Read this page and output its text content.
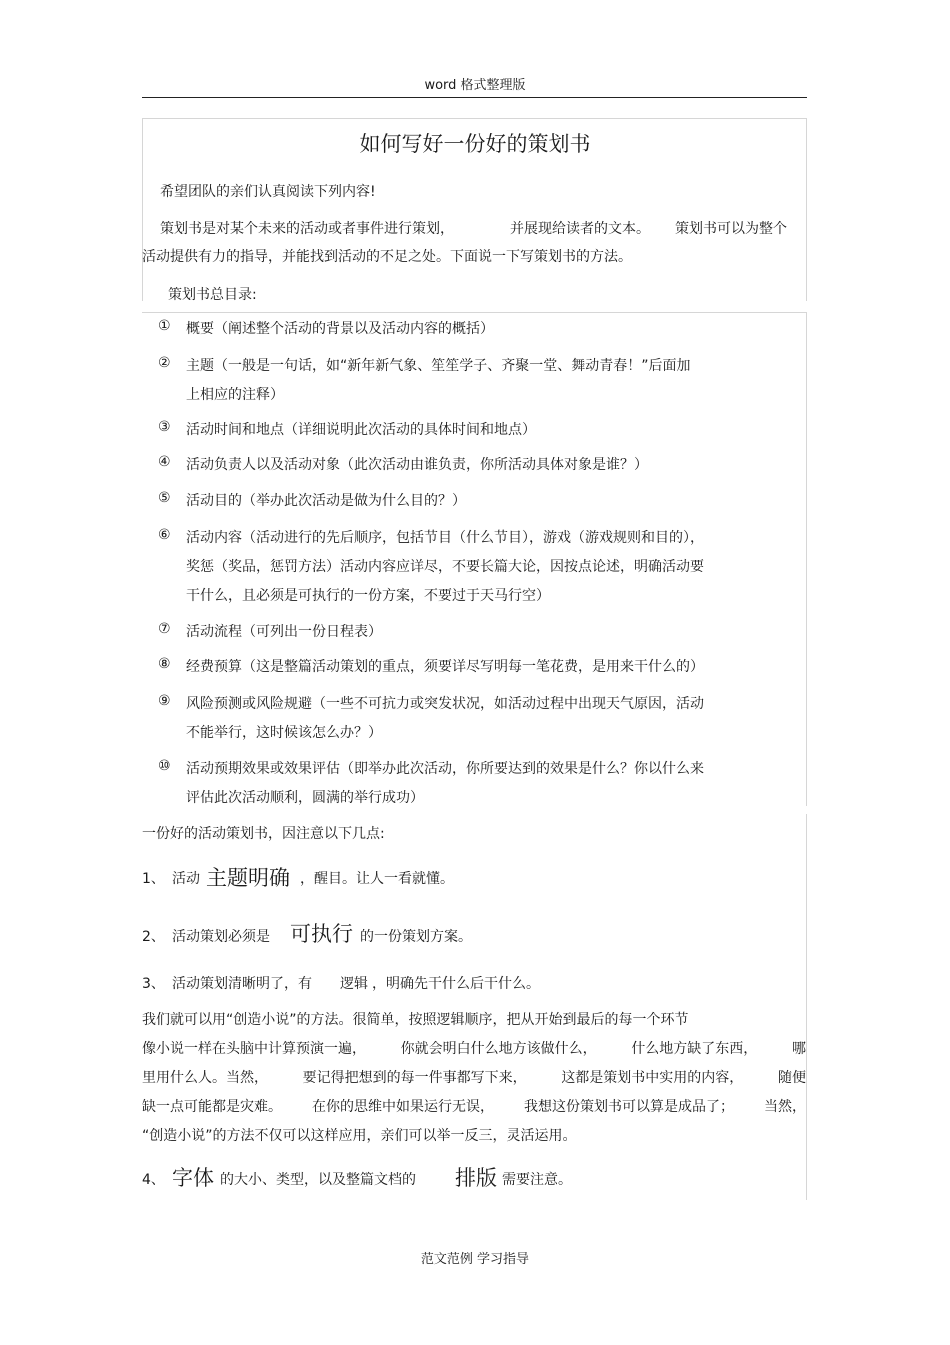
word 格式整理版
如何写好一份好的策划书
希望团队的亲们认真阅读下列内容!
策划书是对某个未来的活动或者事件进行策划，	并展现给读者的文本。 策划书可以为整个
活动提供有力的指导，并能找到活动的不足之处。下面说一下写策划书的方法。
策划书总目录:
① 概要（阐述整个活动的背景以及活动内容的概括）
② 主题（一般是一句话，如“新年新气象、笙笙学子、齐聚一堂、舞动青春！”后面加
上相应的注释）
③ 活动时间和地点（详细说明此次活动的具体时间和地点）
④ 活动负责人以及活动对象（此次活动由谁负责，你所活动具体对象是谁？）
⑤ 活动目的（举办此次活动是做为什么目的？）
⑥ 活动内容（活动进行的先后顺序，包括节目（什么节目），游戏（游戏规则和目的），
奖惩（奖品，惩罚方法）活动内容应详尽，不要长篇大论，因按点论述，明确活动要
干什么，且必须是可执行的一份方案，不要过于天马行空）
⑦ 活动流程（可列出一份日程表）
⑧ 经费预算（这是整篇活动策划的重点，须要详尽写明每一笔花费，是用来干什么的）
⑨ 风险预测或风险规避（一些不可抗力或突发状况，如活动过程中出现天气原因，活动
不能举行，这时候该怎么办？）
⑩ 活动预期效果或效果评估（即举办此次活动，你所要达到的效果是什么？你以什么来
评估此次活动顺利，圆满的举行成功）
一份好的活动策划书，因注意以下几点:
1、 活动 主题明确 ，醒目。让人一看就懂。
2、 活动策划必须是 可执行 的一份策划方案。
3、 活动策划清晰明了，有 逻辑 ，明确先干什么后干什么。
我们就可以用“创造小说”的方法。很简单，按照逻辑顺序，把从开始到最后的每一个环节
像小说一样在头脑中计算预演一遍， 你就会明白什么地方该做什么， 什么地方缺了东西， 哪
里用什么人。当然， 要记得把想到的每一件事都写下来， 这都是策划书中实用的内容， 随便
缺一点可能都是灾难。 在你的思维中如果运行无误， 我想这份策划书可以算是成品了； 当然，
“创造小说”的方法不仅可以这样应用，亲们可以举一反三，灵活运用。
4、 字体 的大小、类型，以及整篇文档的 排版 需要注意。
范文范例 学习指导
